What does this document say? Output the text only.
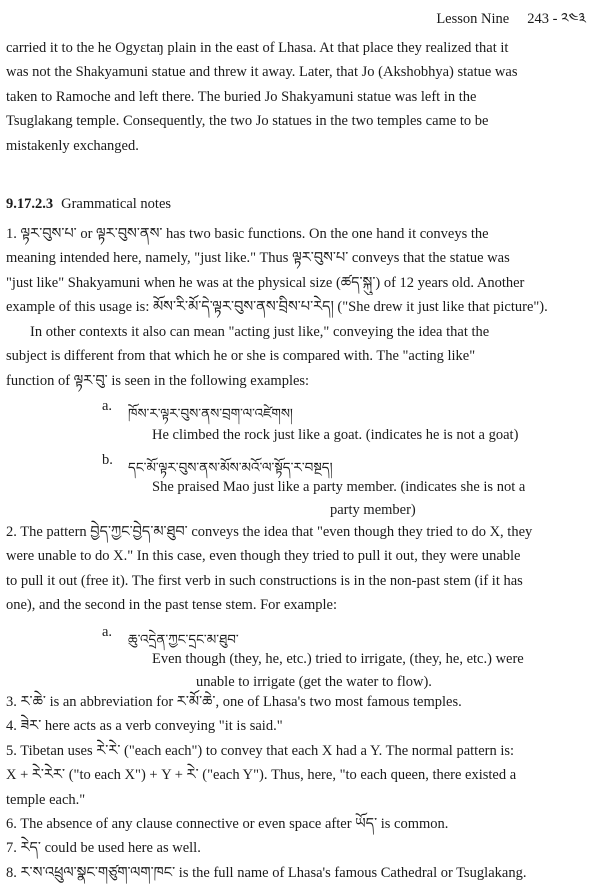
Lesson Nine 243 - ༢༤༣
carried it to the he Ogyεtaŋ plain in the east of Lhasa. At that place they realized that it
was not the Shakyamuni statue and threw it away. Later, that Jo (Akshobhya) statue was
taken to Ramoche and left there. The buried Jo Shakyamuni statue was left in the
Tsuglakang temple. Consequently, the two Jo statues in the two temples came to be
mistakenly exchanged.
9.17.2.3 Grammatical notes
1. ལྟར་བུས་པ་ or ལྟར་བུས་ནས་ has two basic functions. On the one hand it conveys the
meaning intended here, namely, "just like." Thus ལྟར་བུས་པ་ conveys that the statue was
"just like" Shakyamuni when he was at the physical size (ཚད་སྐུ་) of 12 years old. Another
example of this usage is: མོས་རི་མོ་དེ་ལྟར་བུས་ནས་བྲིས་པ་རེད། ("She drew it just like that picture").
In other contexts it also can mean "acting just like," conveying the idea that the
subject is different from that which he or she is compared with. The "acting like"
function of ལྟར་བུ་ is seen in the following examples:
a. ཁོས་ར་ལྟར་བུས་ནས་བྲག་ལ་འཛེགས།
He climbed the rock just like a goat. (indicates he is not a goat)
b. དང་མོ་ལྟར་བུས་ནས་མོས་མའོ་ལ་སྟོད་ར་བསྔད།
She praised Mao just like a party member. (indicates she is not a
party member)
2. The pattern བྱེད་ཀྱང་བྱེད་མ་ཐུབ་ conveys the idea that "even though they tried to do X, they
were unable to do X." In this case, even though they tried to pull it out, they were unable
to pull it out (free it). The first verb in such constructions is in the non-past stem (if it has
one), and the second in the past tense stem. For example:
a. ཆུ་འདྲེན་ཀྱང་དྲང་མ་ཐུབ་
Even though (they, he, etc.) tried to irrigate, (they, he, etc.) were
unable to irrigate (get the water to flow).
3. ར་ཆེ་ is an abbreviation for ར་མོ་ཆེ་, one of Lhasa's two most famous temples.
4. ཟེར་ here acts as a verb conveying "it is said."
5. Tibetan uses རེ་རེ་ ("each each") to convey that each X had a Y. The normal pattern is:
X + རེ་རེར་ ("to each X") + Y + རེ་ ("each Y"). Thus, here, "to each queen, there existed a
temple each."
6. The absence of any clause connective or even space after ཡོད་ is common.
7. རེད་ could be used here as well.
8. ར་ས་འཕྲུལ་སྣང་གཙུག་ལག་ཁང་ is the full name of Lhasa's famous Cathedral or Tsuglakang.
